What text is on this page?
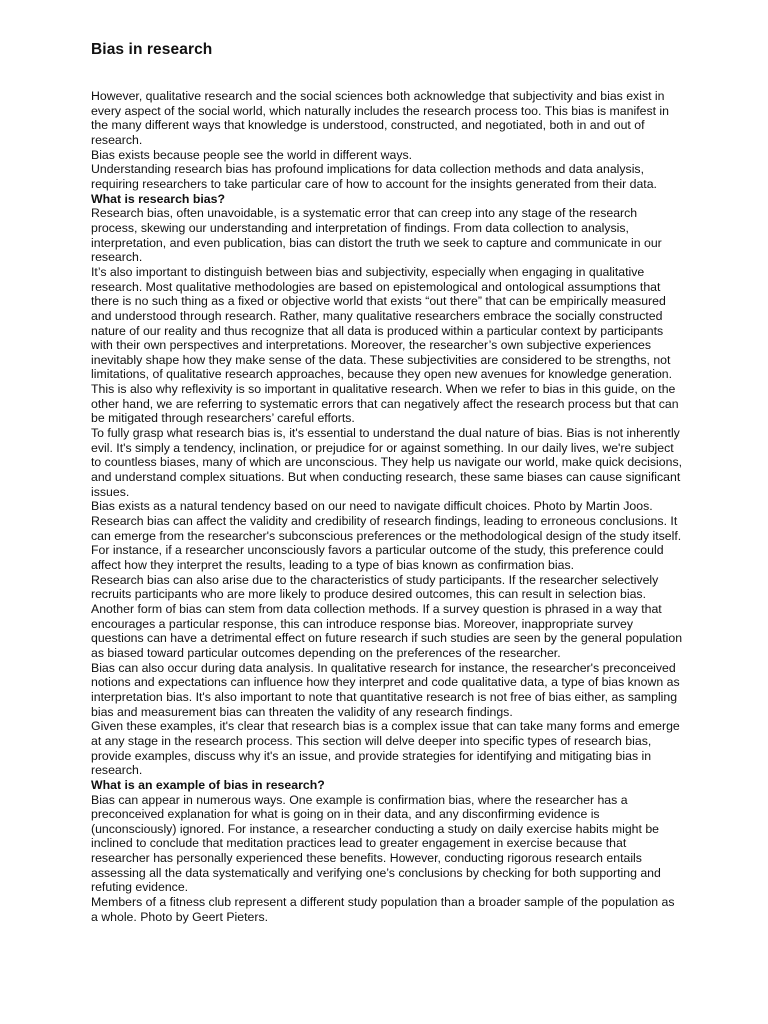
Bias in research

However, qualitative research and the social sciences both acknowledge that subjectivity and bias exist in every aspect of the social world, which naturally includes the research process too. This bias is manifest in the many different ways that knowledge is understood, constructed, and negotiated, both in and out of research.

Bias exists because people see the world in different ways.

Understanding research bias has profound implications for data collection methods and data analysis, requiring researchers to take particular care of how to account for the insights generated from their data.

What is research bias?

Research bias, often unavoidable, is a systematic error that can creep into any stage of the research process, skewing our understanding and interpretation of findings. From data collection to analysis, interpretation, and even publication, bias can distort the truth we seek to capture and communicate in our research.

It’s also important to distinguish between bias and subjectivity, especially when engaging in qualitative research. Most qualitative methodologies are based on epistemological and ontological assumptions that there is no such thing as a fixed or objective world that exists “out there” that can be empirically measured and understood through research. Rather, many qualitative researchers embrace the socially constructed nature of our reality and thus recognize that all data is produced within a particular context by participants with their own perspectives and interpretations. Moreover, the researcher’s own subjective experiences inevitably shape how they make sense of the data. These subjectivities are considered to be strengths, not limitations, of qualitative research approaches, because they open new avenues for knowledge generation. This is also why reflexivity is so important in qualitative research. When we refer to bias in this guide, on the other hand, we are referring to systematic errors that can negatively affect the research process but that can be mitigated through researchers’ careful efforts.

To fully grasp what research bias is, it's essential to understand the dual nature of bias. Bias is not inherently evil. It's simply a tendency, inclination, or prejudice for or against something. In our daily lives, we're subject to countless biases, many of which are unconscious. They help us navigate our world, make quick decisions, and understand complex situations. But when conducting research, these same biases can cause significant issues.

Bias exists as a natural tendency based on our need to navigate difficult choices. Photo by Martin Joos.

Research bias can affect the validity and credibility of research findings, leading to erroneous conclusions. It can emerge from the researcher's subconscious preferences or the methodological design of the study itself. For instance, if a researcher unconsciously favors a particular outcome of the study, this preference could affect how they interpret the results, leading to a type of bias known as confirmation bias.

Research bias can also arise due to the characteristics of study participants. If the researcher selectively recruits participants who are more likely to produce desired outcomes, this can result in selection bias.

Another form of bias can stem from data collection methods. If a survey question is phrased in a way that encourages a particular response, this can introduce response bias. Moreover, inappropriate survey questions can have a detrimental effect on future research if such studies are seen by the general population as biased toward particular outcomes depending on the preferences of the researcher.

Bias can also occur during data analysis. In qualitative research for instance, the researcher's preconceived notions and expectations can influence how they interpret and code qualitative data, a type of bias known as interpretation bias. It's also important to note that quantitative research is not free of bias either, as sampling bias and measurement bias can threaten the validity of any research findings.

Given these examples, it's clear that research bias is a complex issue that can take many forms and emerge at any stage in the research process. This section will delve deeper into specific types of research bias, provide examples, discuss why it's an issue, and provide strategies for identifying and mitigating bias in research.

What is an example of bias in research?

Bias can appear in numerous ways. One example is confirmation bias, where the researcher has a preconceived explanation for what is going on in their data, and any disconfirming evidence is (unconsciously) ignored. For instance, a researcher conducting a study on daily exercise habits might be inclined to conclude that meditation practices lead to greater engagement in exercise because that researcher has personally experienced these benefits. However, conducting rigorous research entails assessing all the data systematically and verifying one’s conclusions by checking for both supporting and refuting evidence.

Members of a fitness club represent a different study population than a broader sample of the population as a whole. Photo by Geert Pieters.
